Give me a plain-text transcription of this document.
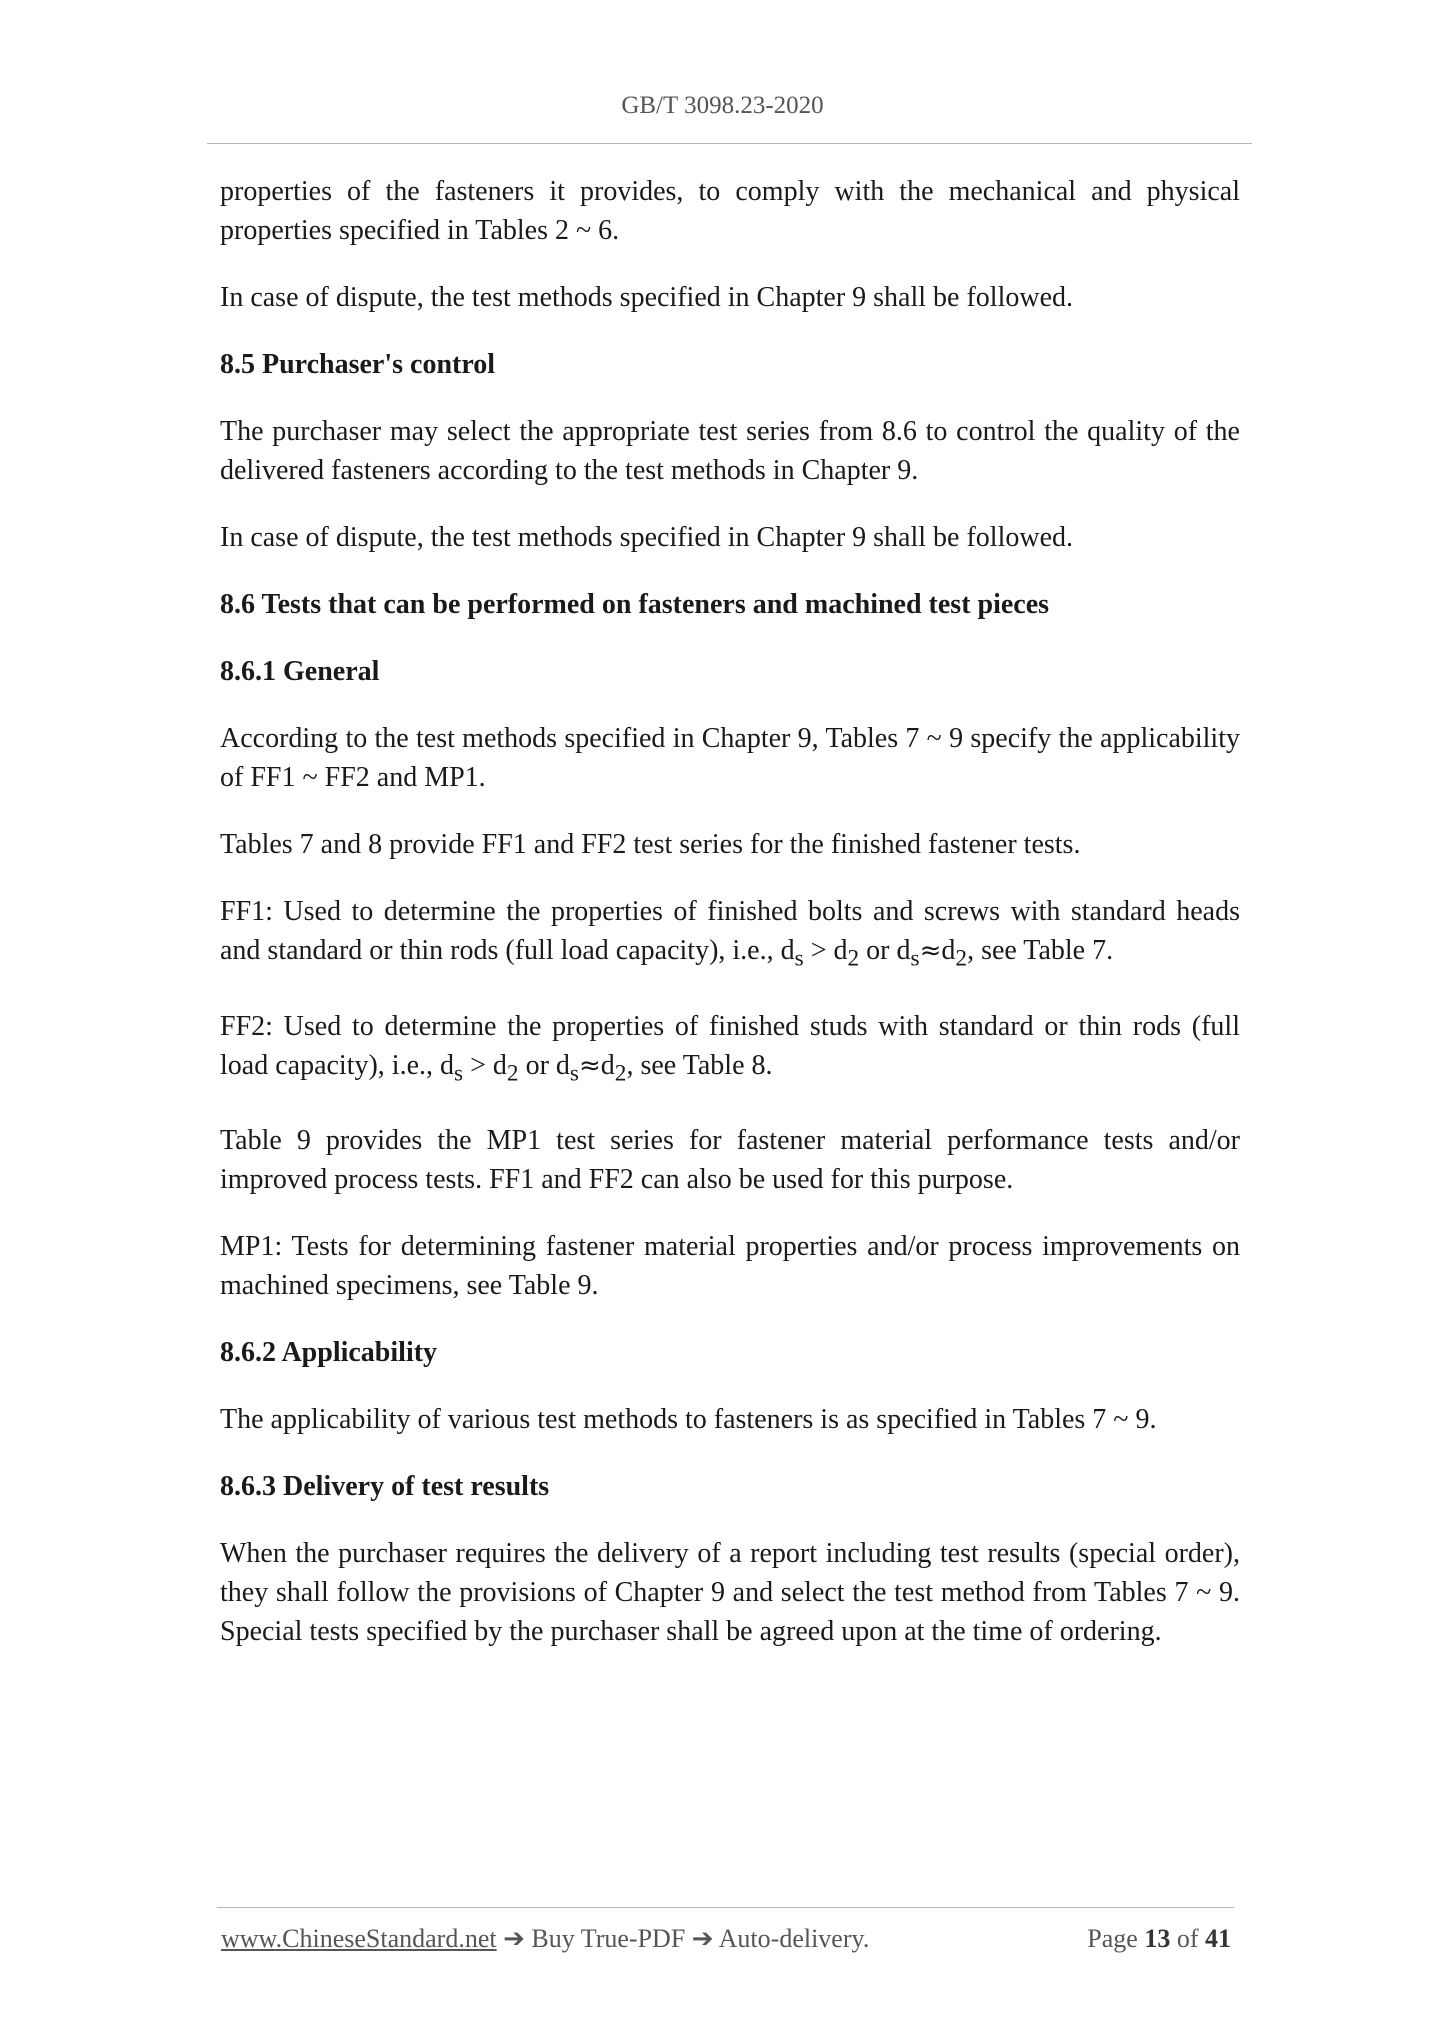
GB/T 3098.23-2020

properties of the fasteners it provides, to comply with the mechanical and physical properties specified in Tables 2 ~ 6.

In case of dispute, the test methods specified in Chapter 9 shall be followed.

8.5 Purchaser's control

The purchaser may select the appropriate test series from 8.6 to control the quality of the delivered fasteners according to the test methods in Chapter 9.

In case of dispute, the test methods specified in Chapter 9 shall be followed.

8.6 Tests that can be performed on fasteners and machined test pieces
8.6.1 General

According to the test methods specified in Chapter 9, Tables 7 ~ 9 specify the applicability of FF1 ~ FF2 and MP1.

Tables 7 and 8 provide FF1 and FF2 test series for the finished fastener tests.

FF1: Used to determine the properties of finished bolts and screws with standard heads and standard or thin rods (full load capacity), i.e., $d_s > d_2$ or $d_s\approx d_2$, see Table 7.

FF2: Used to determine the properties of finished studs with standard or thin rods (full load capacity), i.e., $d_s > d_2$ or $d_s\approx d_2$, see Table 8.

Table 9 provides the MP1 test series for fastener material performance tests and/or improved process tests. FF1 and FF2 can also be used for this purpose.

MP1: Tests for determining fastener material properties and/or process improvements on machined specimens, see Table 9.

8.6.2 Applicability

The applicability of various test methods to fasteners is as specified in Tables 7 ~ 9.

8.6.3 Delivery of test results

When the purchaser requires the delivery of a report including test results (special order), they shall follow the provisions of Chapter 9 and select the test method from Tables 7 ~ 9. Special tests specified by the purchaser shall be agreed upon at the time of ordering.

www.ChineseStandard.net ➔ Buy True-PDF ➔ Auto-delivery.	Page 13 of 41
